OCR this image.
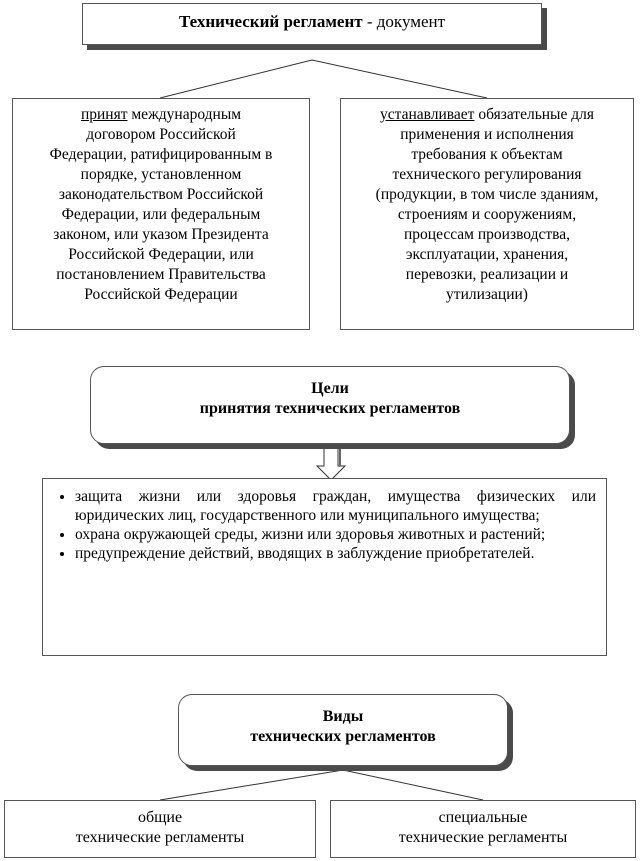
Технический регламент - документ
принят международным
договором Российской
Федерации, ратифицированным в
порядке, установленном
законодательством Российской
Федерации, или федеральным
законом, или указом Президента
Российской Федерации, или
постановлением Правительства
Российской Федерации
устанавливает обязательные для
применения и исполнения
требования к объектам
технического регулирования
(продукции, в том числе зданиям,
строениям и сооружениям,
процессам производства,
эксплуатации, хранения,
перевозки, реализации и
утилизации)
Цели
принятия технических регламентов
• защита жизни или здоровья граждан, имущества физических или юридических лиц, государственного или муниципального имущества;
• охрана окружающей среды, жизни или здоровья животных и растений;
• предупреждение действий, вводящих в заблуждение приобретателей.
Виды
технических регламентов
общие
технические регламенты
специальные
технические регламенты
